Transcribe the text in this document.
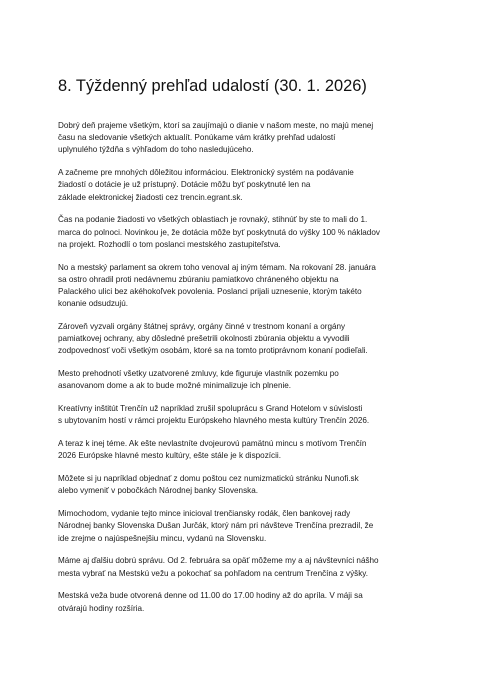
8. Týždenný prehľad udalostí (30. 1. 2026)

Dobrý deň prajeme všetkým, ktorí sa zaujímajú o dianie v našom meste, no majú menej
času na sledovanie všetkých aktualít. Ponúkame vám krátky prehľad udalostí
uplynulého týždňa s výhľadom do toho nasledujúceho.

A začneme pre mnohých dôležitou informáciou. Elektronický systém na podávanie
žiadostí o dotácie je už prístupný. Dotácie môžu byť poskytnuté len na
základe elektronickej žiadosti cez trencin.egrant.sk.

Čas na podanie žiadosti vo všetkých oblastiach je rovnaký, stihnúť by ste to mali do 1.
marca do polnoci. Novinkou je, že dotácia môže byť poskytnutá do výšky 100 % nákladov
na projekt. Rozhodlí o tom poslanci mestského zastupiteľstva.

No a mestský parlament sa okrem toho venoval aj iným témam. Na rokovaní 28. januára
sa ostro ohradil proti nedávnemu zbúraniu pamiatkovo chráneného objektu na
Palackého ulici bez akéhokoľvek povolenia. Poslanci prijali uznesenie, ktorým takéto
konanie odsudzujú.

Zároveň vyzvali orgány štátnej správy, orgány činné v trestnom konaní a orgány
pamiatkovej ochrany, aby dôsledné prešetrili okolnosti zbúrania objektu a vyvodili
zodpovednosť voči všetkým osobám, ktoré sa na tomto protiprávnom konaní podieľali.

Mesto prehodnotí všetky uzatvorené zmluvy, kde figuruje vlastník pozemku po
asanovanom dome a ak to bude možné minimalizuje ich plnenie.

Kreatívny inštitút Trenčín už napríklad zrušil spoluprácu s Grand Hotelom v súvislosti
s ubytovaním hostí v rámci projektu Európskeho hlavného mesta kultúry Trenčín 2026.

A teraz k inej téme. Ak ešte nevlastníte dvojeurovú pamätnú mincu s motívom Trenčín
2026 Európske hlavné mesto kultúry, ešte stále je k dispozícii.

Môžete si ju napríklad objednať z domu poštou cez numizmatickú stránku Nunofi.sk
alebo vymeniť v pobočkách Národnej banky Slovenska.

Mimochodom, vydanie tejto mince inicioval trenčiansky rodák, člen bankovej rady
Národnej banky Slovenska Dušan Jurčák, ktorý nám pri návšteve Trenčína prezradil, že
ide zrejme o najúspešnejšiu mincu, vydanú na Slovensku.

Máme aj ďalšiu dobrú správu. Od 2. februára sa opäť môžeme my a aj návštevníci nášho
mesta vybrať na Mestskú vežu a pokochať sa pohľadom na centrum Trenčína z výšky.

Mestská veža bude otvorená denne od 11.00 do 17.00 hodiny až do apríla. V máji sa
otvárajú hodiny rozšíria.
